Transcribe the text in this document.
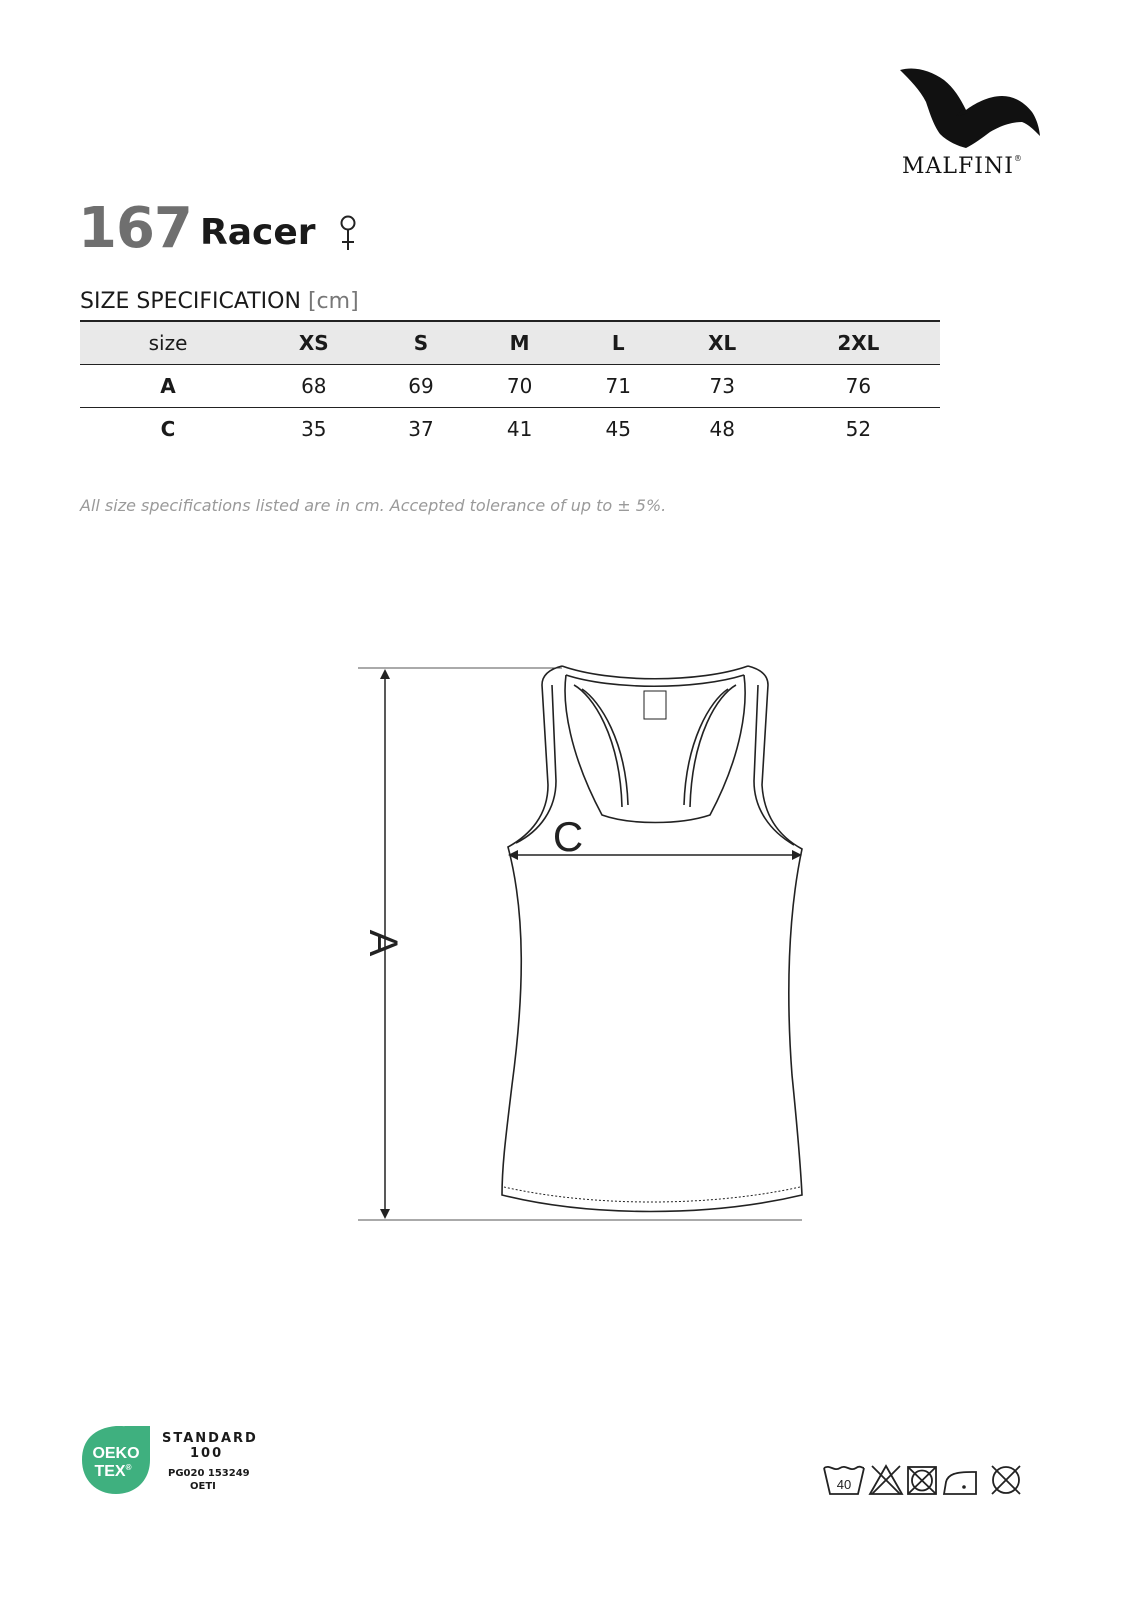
MALFINI®
167 Racer
SIZE SPECIFICATION [cm]
size	XS	S	M	L	XL	2XL
A	68	69	70	71	73	76
C	35	37	41	45	48	52
All size specifications listed are in cm. Accepted tolerance of up to ± 5%.
A
C
OEKO
TEX®
STANDARD
100
PG020 153249
OETI	40
